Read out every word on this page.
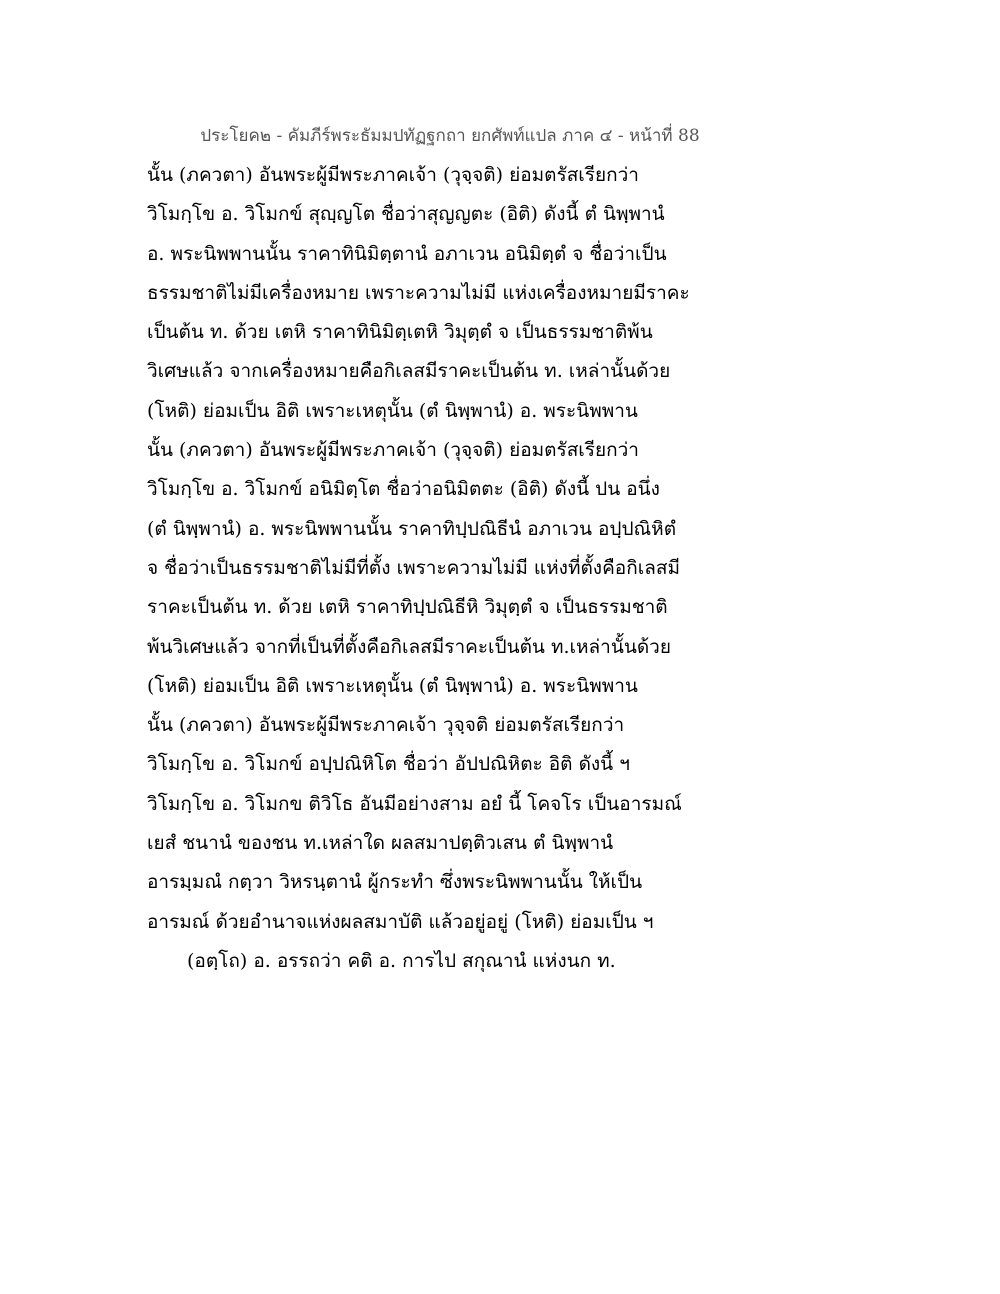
ประโยค๒ - คัมภีร์พระธัมมปทัฏฐกถา ยกศัพท์แปล ภาค ๔ - หน้าที่ 88
นั้น (ภควตา) อันพระผู้มีพระภาคเจ้า (วุจฺจติ) ย่อมตรัสเรียกว่า
วิโมกฺโข อ. วิโมกข์ สุญฺญโต ชื่อว่าสุญญตะ (อิติ) ดังนี้ ตํ นิพฺพานํ
อ. พระนิพพานนั้น ราคาทินิมิตฺตานํ อภาเวน อนิมิตฺตํ จ ชื่อว่าเป็น
ธรรมชาติไม่มีเครื่องหมาย เพราะความไม่มี แห่งเครื่องหมายมีราคะ
เป็นต้น ท. ด้วย เตหิ ราคาทินิมิตฺเตหิ วิมุตฺตํ จ เป็นธรรมชาติพ้น
วิเศษแล้ว จากเครื่องหมายคือกิเลสมีราคะเป็นต้น ท. เหล่านั้นด้วย
(โหติ) ย่อมเป็น อิติ เพราะเหตุนั้น (ตํ นิพฺพานํ) อ. พระนิพพาน
นั้น (ภควตา) อันพระผู้มีพระภาคเจ้า (วุจฺจติ) ย่อมตรัสเรียกว่า
วิโมกฺโข อ. วิโมกข์ อนิมิตฺโต ชื่อว่าอนิมิตตะ (อิติ) ดังนี้ ปน อนึ่ง
(ตํ นิพฺพานํ) อ. พระนิพพานนั้น ราคาทิปฺปณิธีนํ อภาเวน อปฺปณิหิตํ
จ ชื่อว่าเป็นธรรมชาติไม่มีที่ตั้ง เพราะความไม่มี แห่งที่ตั้งคือกิเลสมี
ราคะเป็นต้น ท. ด้วย เตหิ ราคาทิปฺปณิธีหิ วิมุตฺตํ จ เป็นธรรมชาติ
พ้นวิเศษแล้ว จากที่เป็นที่ตั้งคือกิเลสมีราคะเป็นต้น ท.เหล่านั้นด้วย
(โหติ) ย่อมเป็น อิติ เพราะเหตุนั้น (ตํ นิพฺพานํ) อ. พระนิพพาน
นั้น (ภควตา) อันพระผู้มีพระภาคเจ้า วุจฺจติ ย่อมตรัสเรียกว่า
วิโมกฺโข อ. วิโมกข์ อปฺปณิหิโต ชื่อว่า อัปปณิหิตะ อิติ ดังนี้ ฯ
วิโมกฺโข อ. วิโมกข ติวิโธ อันมีอย่างสาม อยํ นี้ โคจโร เป็นอารมณ์
เยสํ ชนานํ ของชน ท.เหล่าใด ผลสมาปตฺติวเสน ตํ นิพฺพานํ
อารมฺมณํ กตฺวา วิหรนฺตานํ ผู้กระทำ ซึ่งพระนิพพานนั้น ให้เป็น
อารมณ์ ด้วยอำนาจแห่งผลสมาบัติ แล้วอยู่อยู่ (โหติ) ย่อมเป็น ฯ
(อตฺโถ) อ. อรรถว่า คติ อ. การไป สกุณานํ แห่งนก ท.
